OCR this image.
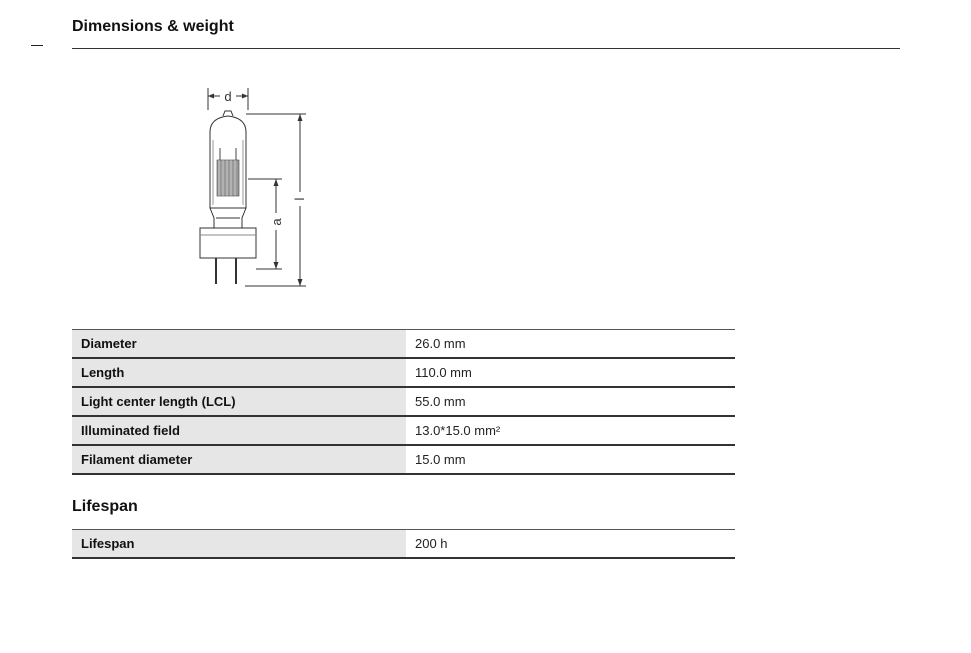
Dimensions & weight
d
l
a
Diameter	26.0 mm
Length	110.0 mm
Light center length (LCL)	55.0 mm
Illuminated field	13.0*15.0 mm²
Filament diameter	15.0 mm
Lifespan
Lifespan	200 h
